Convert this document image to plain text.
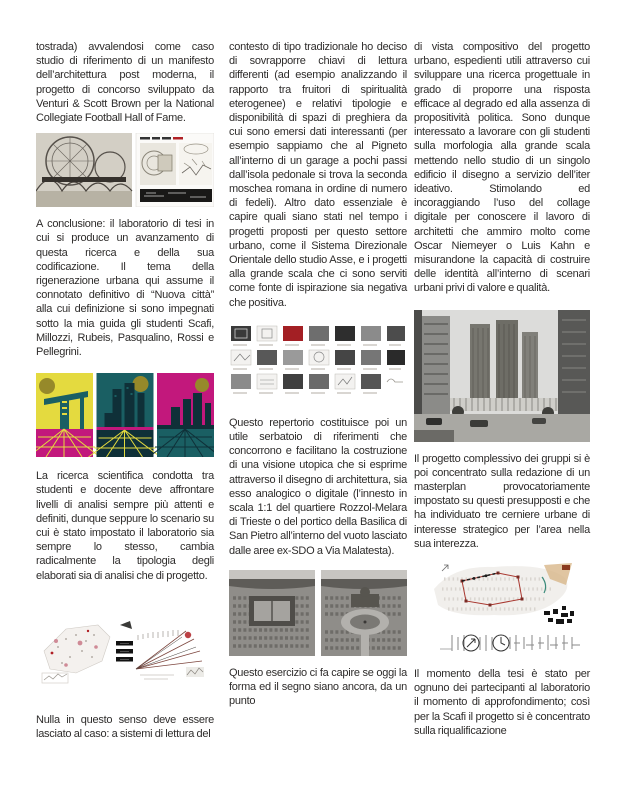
tostrada) avvalendosi come caso studio di riferimento di un manifesto dell’architettura post moderna, il progetto di concorso sviluppato da Venturi & Scott Brown per la National Collegiate Football Hall of Fame.

A conclusione: il laboratorio di tesi in cui si produce un avanzamento di questa ricerca e della sua codificazione. Il tema della rigenerazione urbana qui assume il connotato definitivo di “Nuova città” alla cui definizione si sono impegnati sotto la mia guida gli studenti Scafi, Millozzi, Rubeis, Pasqualino, Rossi e Pellegrini.

La ricerca scientifica condotta tra studenti e docente deve affrontare livelli di analisi sempre più attenti e definiti, dunque seppure lo scenario su cui è stato impostato il laboratorio sia sempre lo stesso, cambia radicalmente la tipologia degli elaborati sia di analisi che di progetto.

Nulla in questo senso deve essere lasciato al caso: a sistemi di lettura del

contesto di tipo tradizionale ho deciso di sovrapporre chiavi di lettura differenti (ad esempio analizzando il rapporto tra fruitori di spiritualità eterogenee) e relativi tipologie e disponibilità di spazi di preghiera da cui sono emersi dati interessanti (per esempio sappiamo che al Pigneto all’interno di un garage a pochi passi dall’isola pedonale si trova la seconda moschea romana in ordine di numero di fedeli). Altro dato essenziale è capire quali siano stati nel tempo i progetti proposti per questo settore urbano, come il Sistema Direzionale Orientale dello studio Asse, e i progetti alla grande scala che ci sono serviti come fonte di ispirazione sia negativa che positiva.

Questo repertorio costituisce poi un utile serbatoio di riferimenti che concorrono e facilitano la costruzione di una visione utopica che si esprime attraverso il disegno di architettura, sia esso analogico o digitale (l’innesto in scala 1:1 del quartiere Rozzol-Melara di Trieste o del portico della Basilica di San Pietro all’interno del vuoto lasciato dalle aree ex-SDO a Via Malatesta).

Questo esercizio ci fa capire se oggi la forma ed il segno siano ancora, da un punto

di vista compositivo del progetto urbano, espedienti utili attraverso cui sviluppare una ricerca progettuale in grado di proporre una risposta efficace al degrado ed alla assenza di propositività politica. Sono dunque interessato a lavorare con gli studenti sulla morfologia alla grande scala mettendo nello studio di un singolo edificio il disegno a servizio dell’iter ideativo. Stimolando ed incoraggiando l’uso del collage digitale per conoscere il lavoro di architetti che ammiro molto come Oscar Niemeyer o Luis Kahn e misurandone la capacità di costruire delle identità all’interno di scenari urbani privi di valore e qualità.

Il progetto complessivo dei gruppi si è poi concentrato sulla redazione di un masterplan provocatoriamente impostato su questi presupposti e che ha individuato tre cerniere urbane di interesse strategico per l’area nella sua interezza.

Il momento della tesi è stato per ognuno dei partecipanti al laboratorio il momento di approfondimento; così per la Scafi il progetto si è concentrato sulla riqualificazione
